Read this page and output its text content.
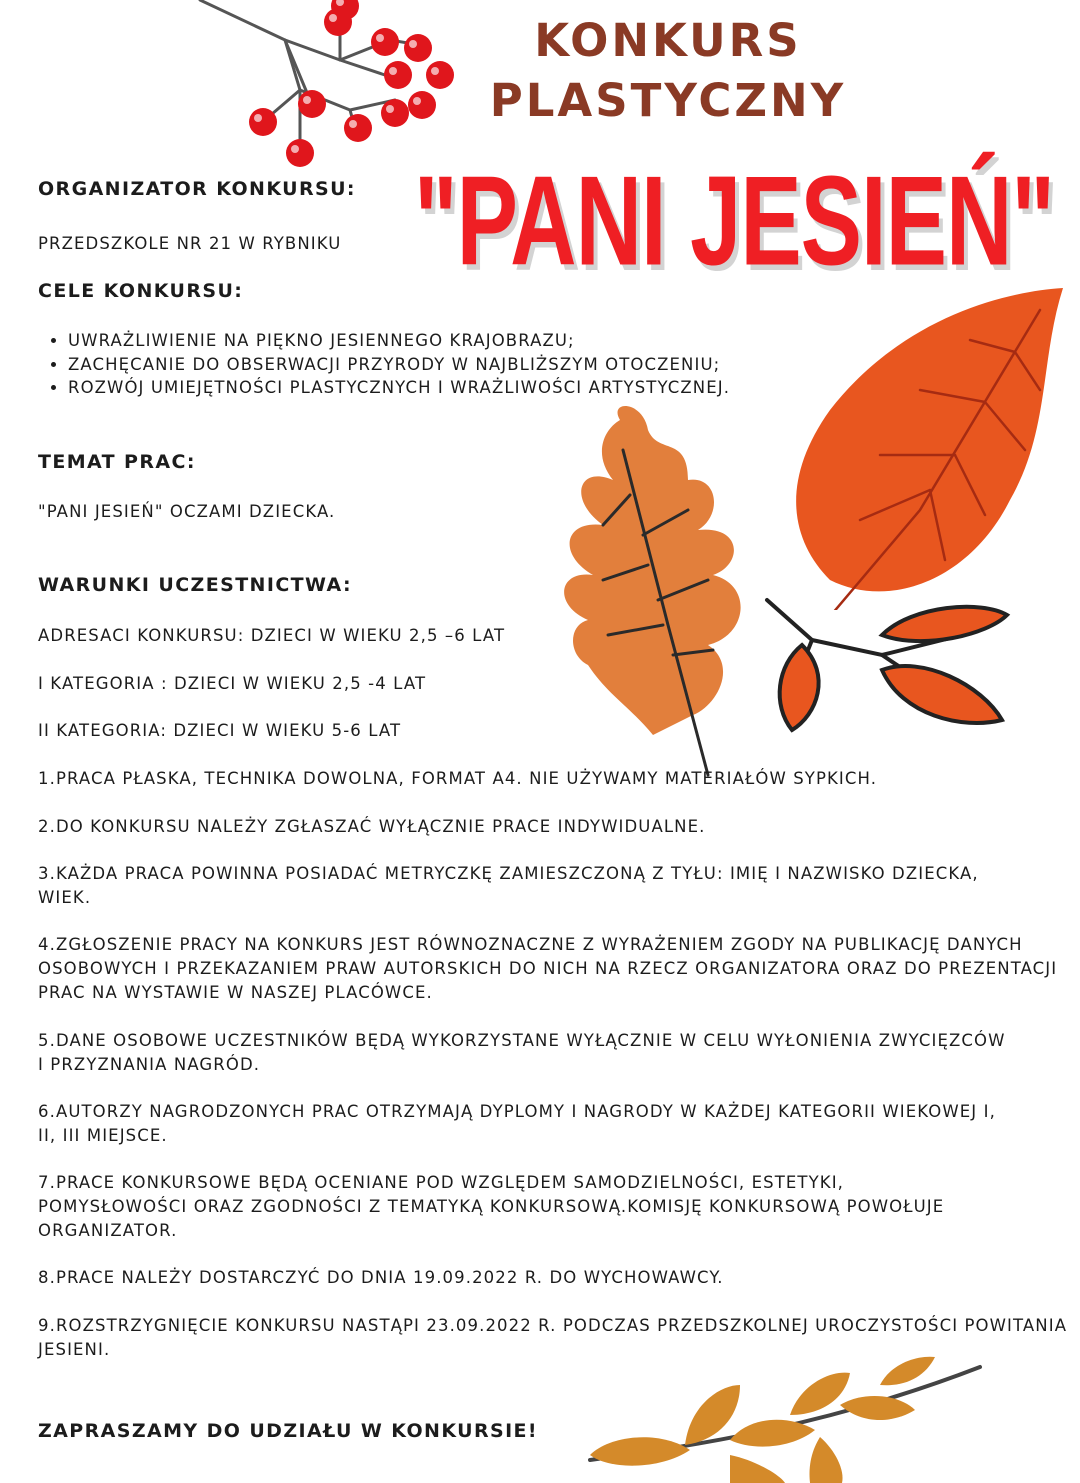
KONKURS
PLASTYCZNY
"PANI JESIEŃ"
ORGANIZATOR KONKURSU:
PRZEDSZKOLE NR 21 W RYBNIKU
CELE KONKURSU:
• UWRAŻLIWIENIE NA PIĘKNO JESIENNEGO KRAJOBRAZU;
• ZACHĘCANIE DO OBSERWACJI PRZYRODY W NAJBLIŻSZYM OTOCZENIU;
• ROZWÓJ UMIEJĘTNOŚCI PLASTYCZNYCH I WRAŻLIWOŚCI ARTYSTYCZNEJ.
TEMAT PRAC:
"PANI JESIEŃ" OCZAMI DZIECKA.
WARUNKI UCZESTNICTWA:
ADRESACI KONKURSU: DZIECI W WIEKU 2,5 –6 LAT
I KATEGORIA : DZIECI W WIEKU 2,5 -4 LAT
II KATEGORIA: DZIECI W WIEKU 5-6 LAT
1.PRACA PŁASKA, TECHNIKA DOWOLNA, FORMAT A4. NIE UŻYWAMY MATERIAŁÓW SYPKICH.
2.DO KONKURSU NALEŻY ZGŁASZAĆ WYŁĄCZNIE PRACE INDYWIDUALNE.
3.KAŻDA PRACA POWINNA POSIADAĆ METRYCZKĘ ZAMIESZCZONĄ Z TYŁU: IMIĘ I NAZWISKO DZIECKA, WIEK.
4.ZGŁOSZENIE PRACY NA KONKURS JEST RÓWNOZNACZNE Z WYRAŻENIEM ZGODY NA PUBLIKACJĘ DANYCH OSOBOWYCH I PRZEKAZANIEM PRAW AUTORSKICH DO NICH NA RZECZ ORGANIZATORA ORAZ DO PREZENTACJI PRAC NA WYSTAWIE W NASZEJ PLACÓWCE.
5.DANE OSOBOWE UCZESTNIKÓW BĘDĄ WYKORZYSTANE WYŁĄCZNIE W CELU WYŁONIENIA ZWYCIĘZCÓW I PRZYZNANIA NAGRÓD.
6.AUTORZY NAGRODZONYCH PRAC OTRZYMAJĄ DYPLOMY I NAGRODY W KAŻDEJ KATEGORII WIEKOWEJ I, II, III MIEJSCE.
7.PRACE KONKURSOWE BĘDĄ OCENIANE POD WZGLĘDEM SAMODZIELNOŚCI, ESTETYKI, POMYSŁOWOŚCI ORAZ ZGODNOŚCI Z TEMATYKĄ KONKURSOWĄ.KOMISJĘ KONKURSOWĄ POWOŁUJE ORGANIZATOR.
8.PRACE NALEŻY DOSTARCZYĆ DO DNIA 19.09.2022 R. DO WYCHOWAWCY.
9.ROZSTRZYGNIĘCIE KONKURSU NASTĄPI 23.09.2022 R. PODCZAS PRZEDSZKOLNEJ UROCZYSTOŚCI POWITANIA JESIENI.
ZAPRASZAMY DO UDZIAŁU W KONKURSIE!
